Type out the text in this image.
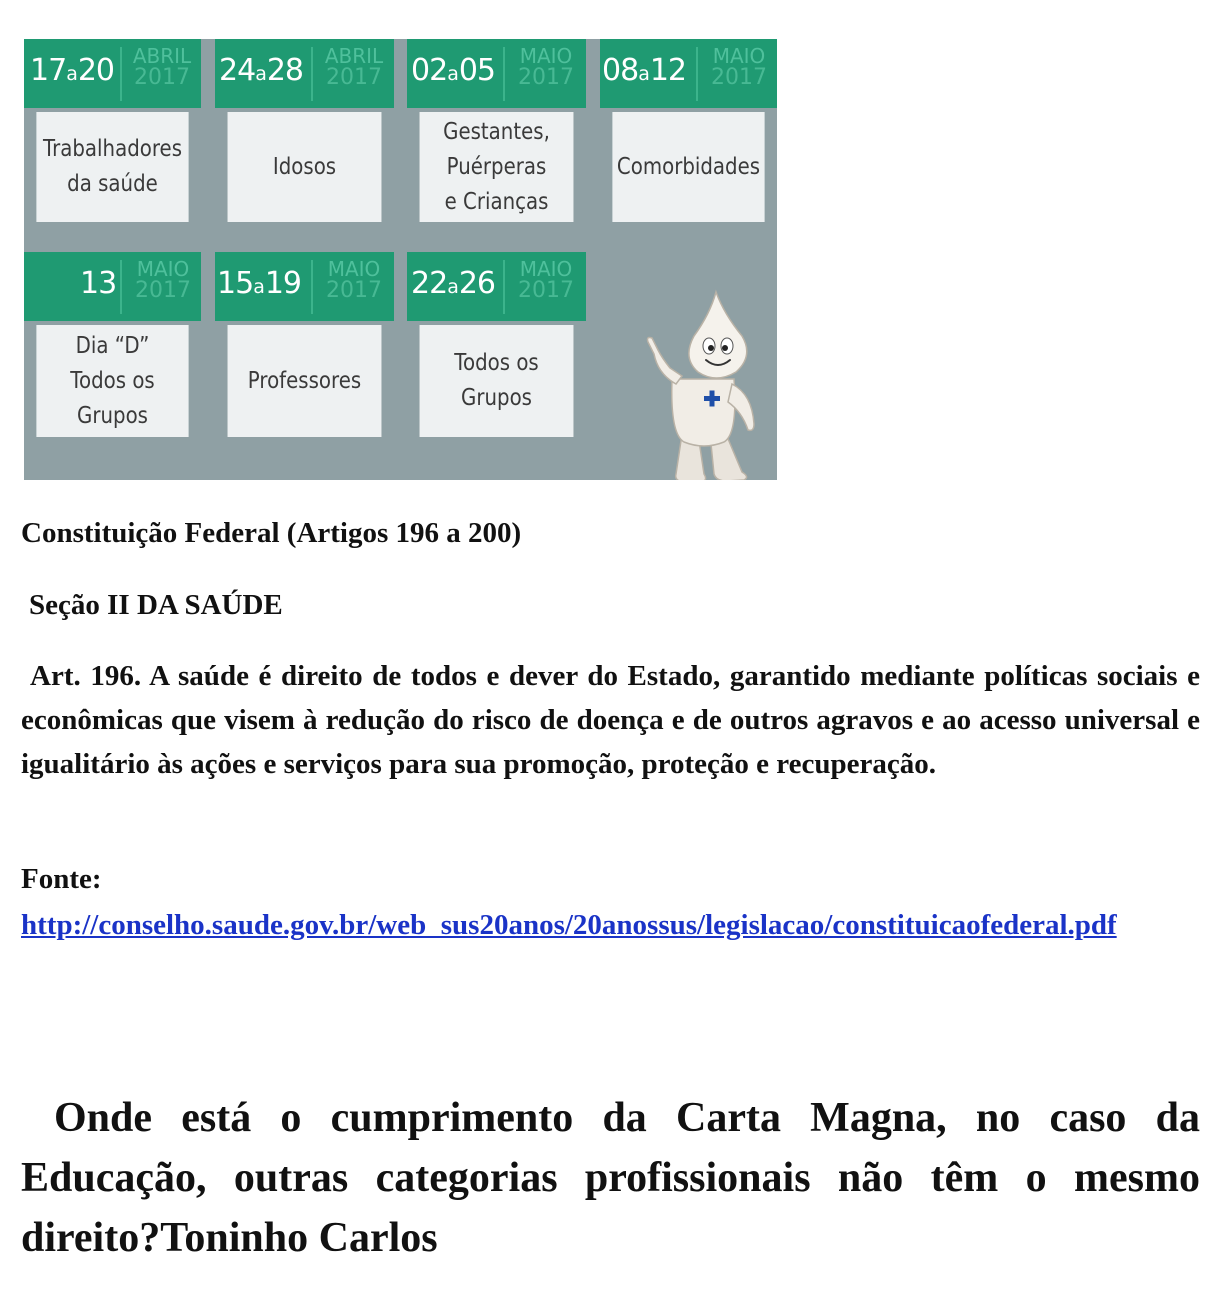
17a20 ABRIL
2017
Trabalhadores
da saúde
24a28	ABRIL
2017
Idosos
02a05	MAIO
2017
Gestantes,
Puérperas
e Crianças
08a12	MAIO
2017
Comorbidades
13	MAIO
2017
Dia “D”
Todos os Grupos
15a19	MAIO
2017
Professores
22a26	MAIO
2017
Todos os Grupos
Constituição Federal (Artigos 196 a 200)
Seção II DA SAÚDE
Art. 196. A saúde é direito de todos e dever do Estado, garantido mediante políticas sociais e econômicas que visem à redução do risco de doença e de outros agravos e ao acesso universal e igualitário às ações e serviços para sua promoção, proteção e recuperação.
Fonte:
http://conselho.saude.gov.br/web_sus20anos/20anossus/legislacao/constituicaofederal.pdf
Onde está o cumprimento da Carta Magna, no caso da Educação, outras categorias profissionais não têm o mesmo direito?Toninho Carlos
